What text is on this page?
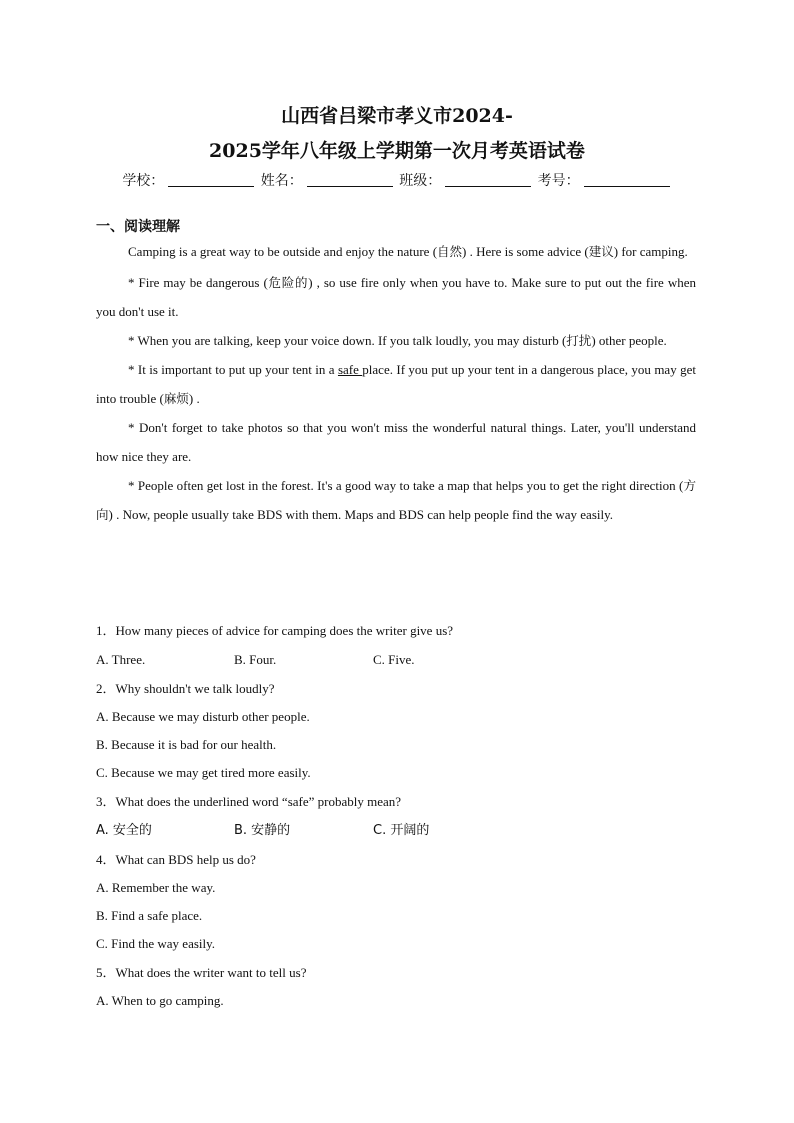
山西省吕梁市孝义市2024-
2025学年八年级上学期第一次月考英语试卷
学校：	姓名：	班级：	考号：
一、阅读理解

Camping is a great way to be outside and enjoy the nature (自然) . Here is some advice (建议) for camping.

* Fire may be dangerous (危险的) , so use fire only when you have to. Make sure to put out the fire when you don't use it.

* When you are talking, keep your voice down. If you talk loudly, you may disturb (打扰) other people.

* It is important to put up your tent in a safe place. If you put up your tent in a dangerous place, you may get into trouble (麻烦) .

* Don't forget to take photos so that you won't miss the wonderful natural things. Later, you'll understand how nice they are.

* People often get lost in the forest. It's a good way to take a map that helps you to get the right direction (方向) . Now, people usually take BDS with them. Maps and BDS can help people find the way easily.

1．How many pieces of advice for camping does the writer give us?

A. Three.	B. Four.	C. Five.

2．Why shouldn't we talk loudly?

A. Because we may disturb other people.

B. Because it is bad for our health.

C. Because we may get tired more easily.

3．What does the underlined word “safe” probably mean?

A. 安全的	B. 安静的	C. 开阔的

4．What can BDS help us do?

A. Remember the way.

B. Find a safe place.

C. Find the way easily.

5．What does the writer want to tell us?

A. When to go camping.
